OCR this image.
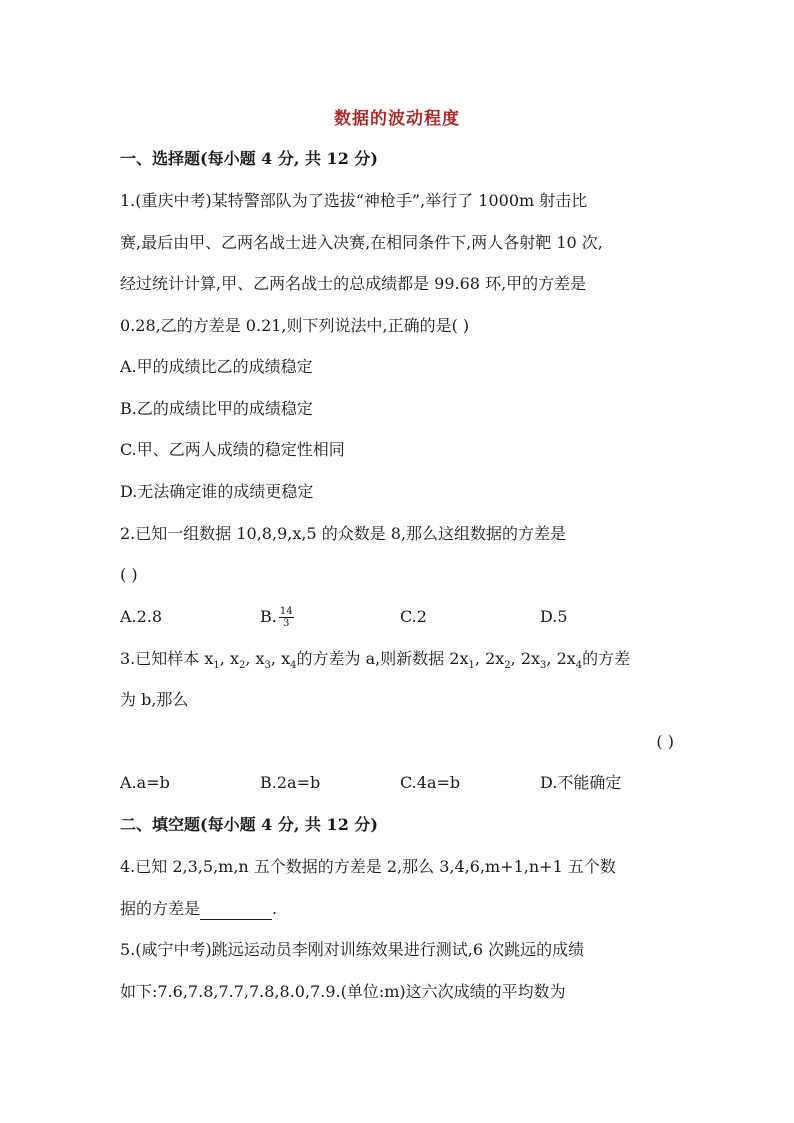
数据的波动程度
一、选择题(每小题 4 分, 共 12 分)
1.(重庆中考)某特警部队为了选拔“神枪手”,举行了 1000m 射击比
赛,最后由甲、乙两名战士进入决赛,在相同条件下,两人各射靶 10 次,
经过统计计算,甲、乙两名战士的总成绩都是 99.68 环,甲的方差是
0.28,乙的方差是 0.21,则下列说法中,正确的是( )
A.甲的成绩比乙的成绩稳定
B.乙的成绩比甲的成绩稳定
C.甲、乙两人成绩的稳定性相同
D.无法确定谁的成绩更稳定
2.已知一组数据 10,8,9,x,5 的众数是 8,那么这组数据的方差是
( )
A.2.8	B. $\frac{14}{3}$	C.2	D.5
3.已知样本 $x_1$, $x_2$, $x_3$, $x_4$的方差为 a,则新数据 $2x_1$, $2x_2$, $2x_3$, $2x_4$的方差
为 b,那么
( )
A.a=b	B.2a=b	C.4a=b	D.不能确定
二、填空题(每小题 4 分, 共 12 分)
4.已知 2,3,5,m,n 五个数据的方差是 2,那么 3,4,6,m+1,n+1 五个数
据的方差是	.
5.(咸宁中考)跳远运动员李刚对训练效果进行测试,6 次跳远的成绩
如下:7.6,7.8,7.7,7.8,8.0,7.9.(单位:m)这六次成绩的平均数为
